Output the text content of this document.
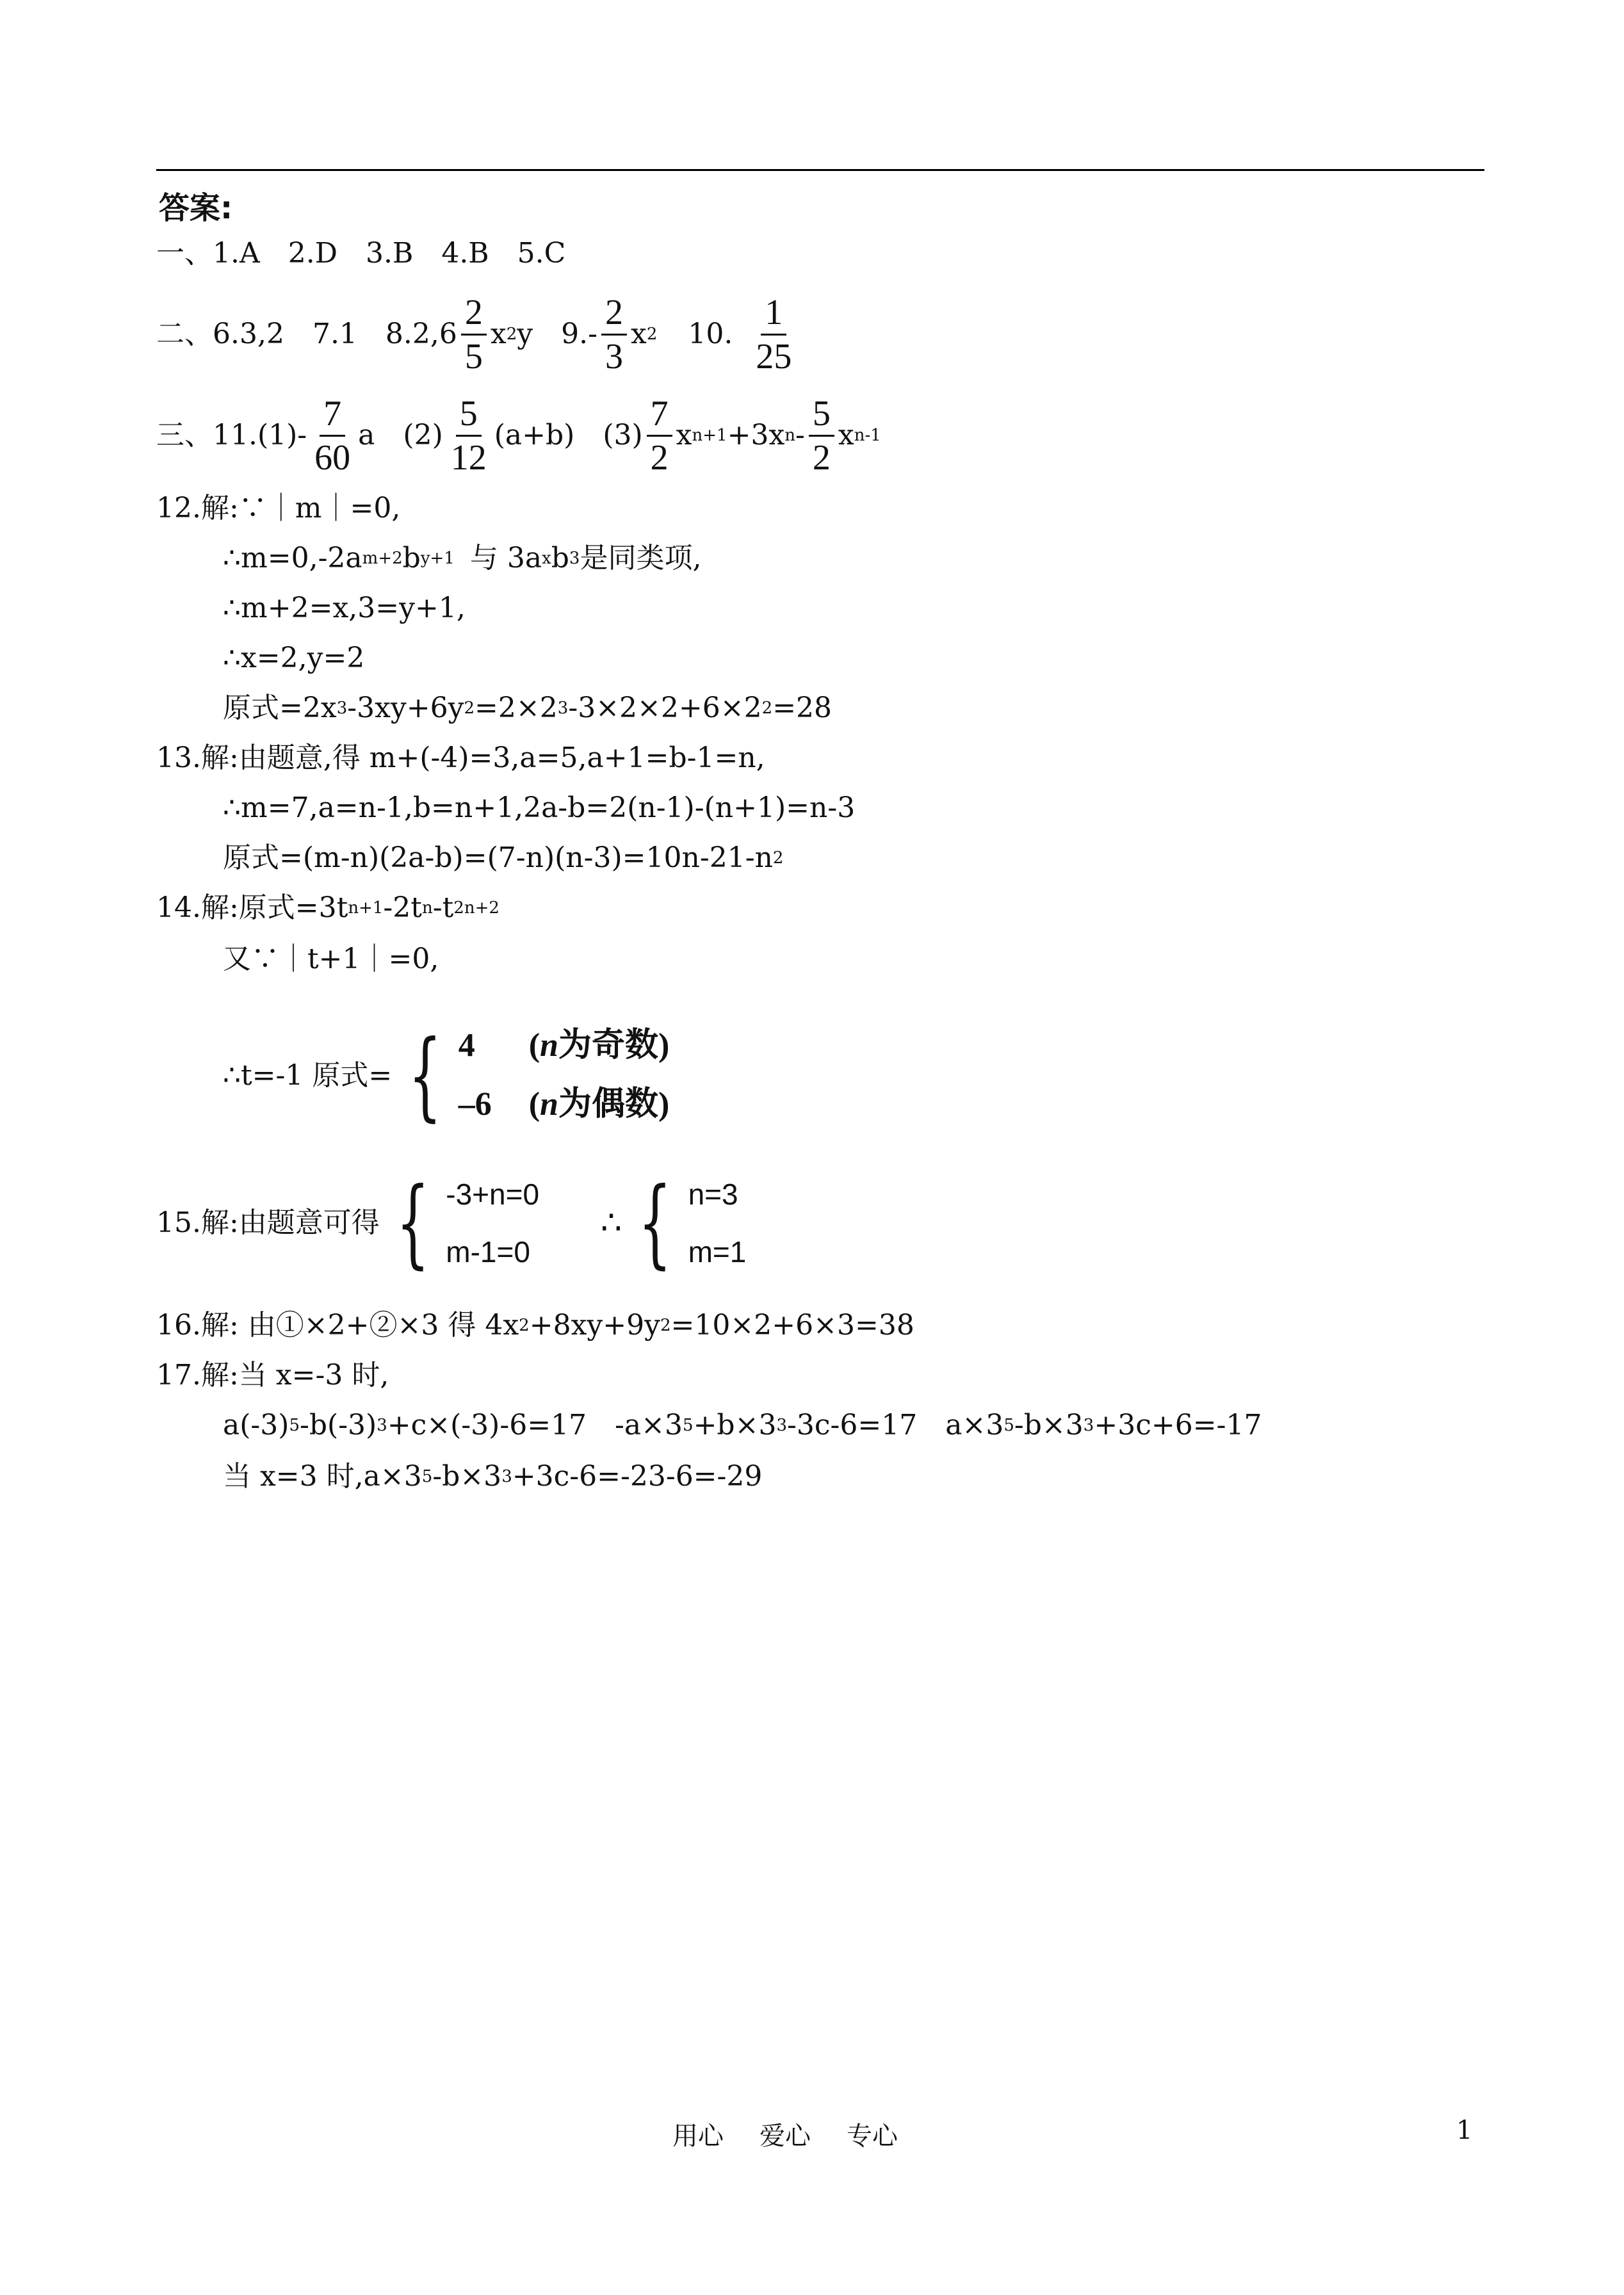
答案:
一、1.A　2.D　3.B　4.B　5.C
二、6.3,2　7.1　$8.2,6 \frac{2}{5}$ x 2 y　$9.- \frac{2}{3}$ x 2 10. $\frac{1}{25}$
三、$11.(1)- \frac{7}{60}$ a　$(2) \frac{5}{12} (a+b)$　$(3) \frac{7}{2}$ x n+1 +3x n - $\frac{5}{2}$ x n-1
12.解:∵｜m｜=0,
∴m=0,-2a m+2 b y+1 与 3a x b 3 是同类项,
∴m+2=x,3=y+1,
∴x=2,y=2
原式=2x 3 -3xy+6y 2 =2×2 3 -3×2×2+6×2 2 =28
13.解:由题意,得 m+(-4)=3,a=5,a+1=b-1=n,
∴m=7,a=n-1,b=n+1,2a-b=2(n-1)-(n+1)=n-3
原式=(m-n)(2a-b)=(7-n)(n-3)=10n-21-n 2
14.解:原式=3t n+1 -2t n -t 2n+2
又∵｜t+1｜=0,
∴t=-1 原式= { 4 (n为奇数)
–6 (n为偶数)
15.解:由题意可得 { -3+n=0
m-1=0
∴ { n=3
m=1
16.解: 由①×2+②×3 得 4x 2 +8xy+9y 2 =10×2+6×3=38
17.解:当 x=-3 时,
a(-3) 5 -b(-3) 3 +c×(-3)-6=17　-a×3 5 +b×3 3 -3c-6=17　a×3 5 -b×3 3 +3c+6=-17
当 x=3 时,a×3 5 -b×3 3 +3c-6=-23-6=-29
用心 爱心 专心	1
